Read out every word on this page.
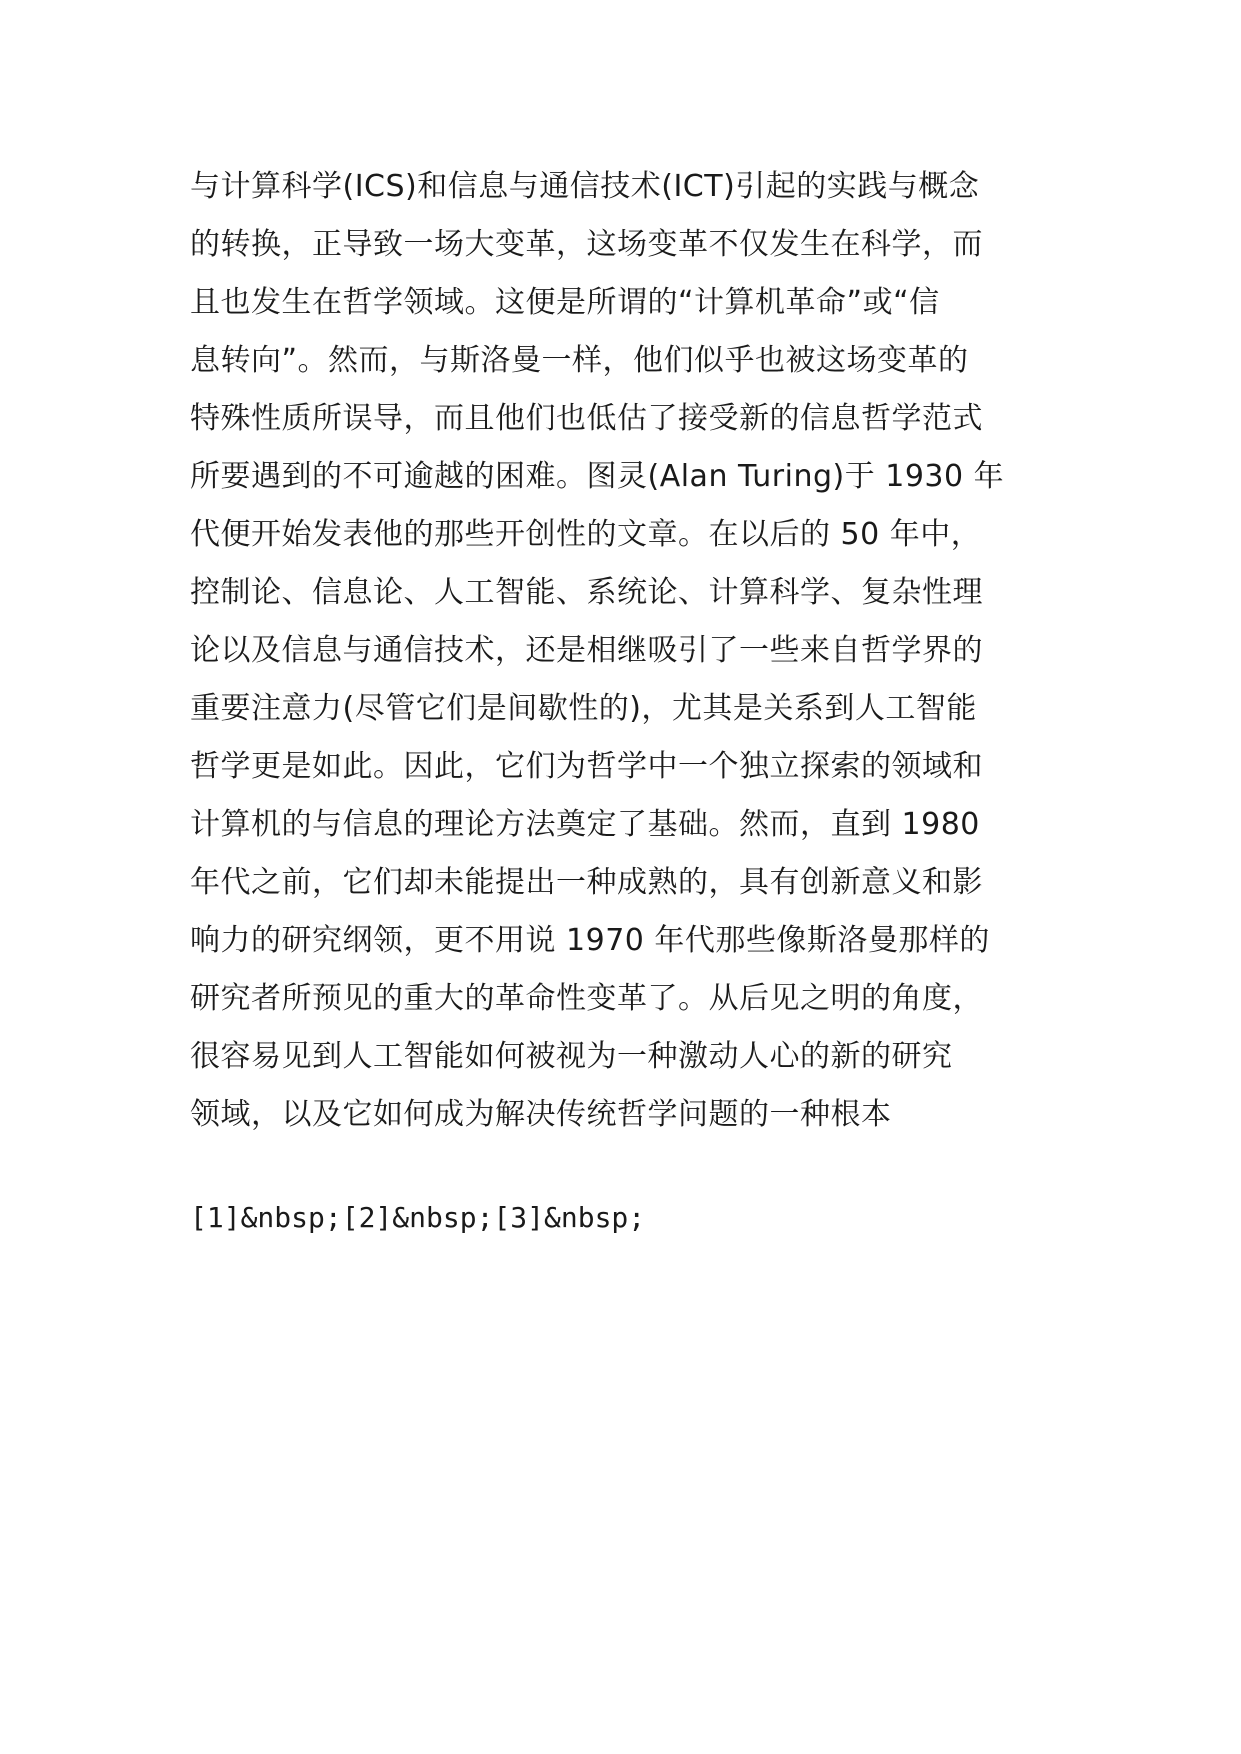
与计算科学(ICS)和信息与通信技术(ICT)引起的实践与概念
的转换，正导致一场大变革，这场变革不仅发生在科学，而
且也发生在哲学领域。这便是所谓的“计算机革命”或“信
息转向”。然而，与斯洛曼一样，他们似乎也被这场变革的
特殊性质所误导，而且他们也低估了接受新的信息哲学范式
所要遇到的不可逾越的困难。图灵(Alan Turing)于 1930 年
代便开始发表他的那些开创性的文章。在以后的 50 年中，
控制论、信息论、人工智能、系统论、计算科学、复杂性理
论以及信息与通信技术，还是相继吸引了一些来自哲学界的
重要注意力(尽管它们是间歇性的)，尤其是关系到人工智能
哲学更是如此。因此，它们为哲学中一个独立探索的领域和
计算机的与信息的理论方法奠定了基础。然而，直到 1980
年代之前，它们却未能提出一种成熟的，具有创新意义和影
响力的研究纲领，更不用说 1970 年代那些像斯洛曼那样的
研究者所预见的重大的革命性变革了。从后见之明的角度，
很容易见到人工智能如何被视为一种激动人心的新的研究
领域，以及它如何成为解决传统哲学问题的一种根本
[1]&nbsp;[2]&nbsp;[3]&nbsp;
